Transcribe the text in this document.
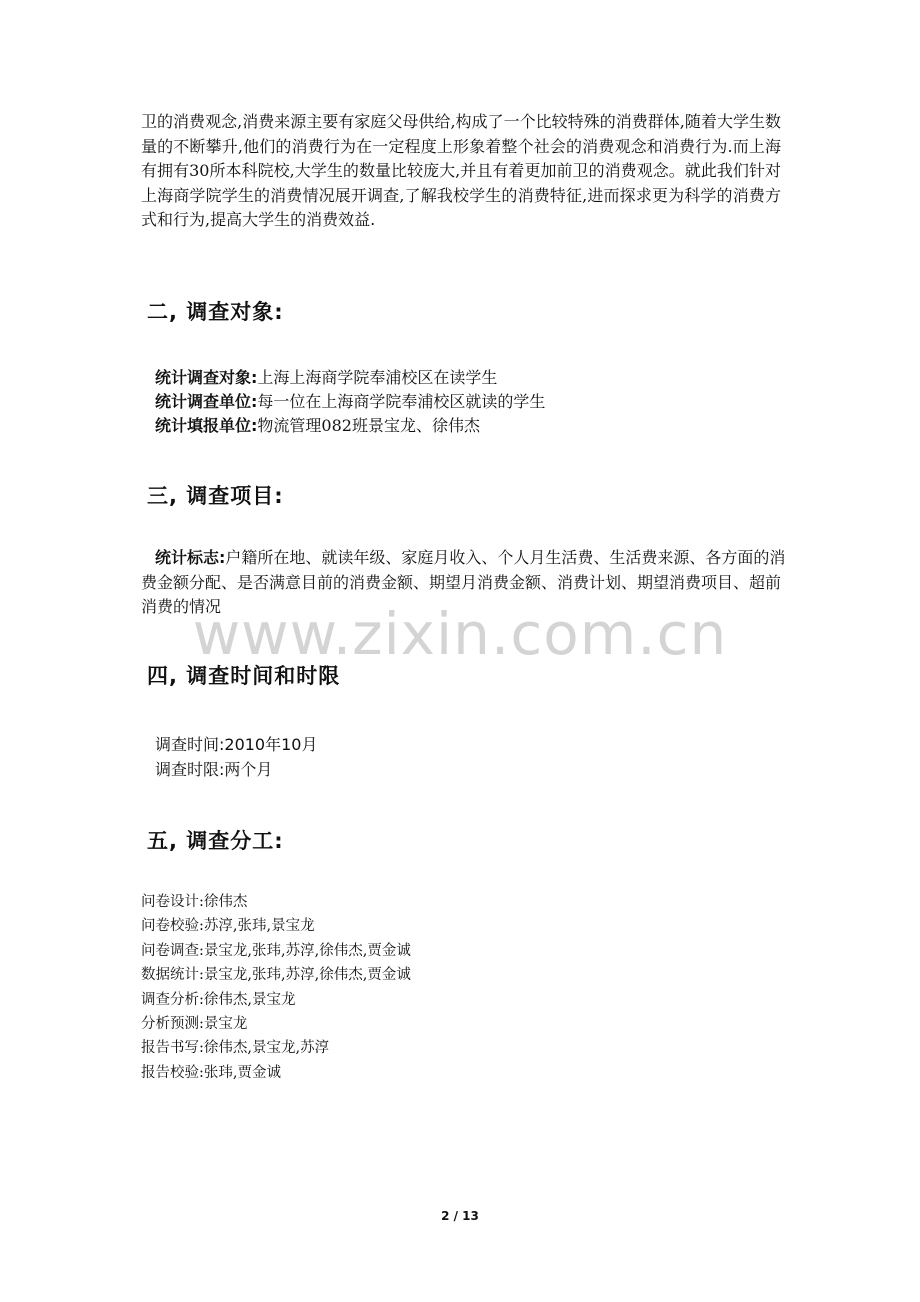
卫的消费观念,消费来源主要有家庭父母供给,构成了一个比较特殊的消费群体,随着大学生数量的不断攀升,他们的消费行为在一定程度上形象着整个社会的消费观念和消费行为.而上海有拥有30所本科院校,大学生的数量比较庞大,并且有着更加前卫的消费观念。就此我们针对上海商学院学生的消费情况展开调查,了解我校学生的消费特征,进而探求更为科学的消费方式和行为,提高大学生的消费效益.

二, 调查对象:

统计调查对象:上海上海商学院奉浦校区在读学生

统计调查单位:每一位在上海商学院奉浦校区就读的学生

统计填报单位:物流管理082班景宝龙、徐伟杰

三, 调查项目:

统计标志:户籍所在地、就读年级、家庭月收入、个人月生活费、生活费来源、各方面的消费金额分配、是否满意目前的消费金额、期望月消费金额、消费计划、期望消费项目、超前消费的情况

www.zixin.com.cn
四, 调查时间和时限

调查时间:2010年10月

调查时限:两个月

五, 调查分工:
问卷设计:徐伟杰
问卷校验:苏淳,张玮,景宝龙
问卷调查:景宝龙,张玮,苏淳,徐伟杰,贾金诚
数据统计:景宝龙,张玮,苏淳,徐伟杰,贾金诚
调查分析:徐伟杰,景宝龙
分析预测:景宝龙
报告书写:徐伟杰,景宝龙,苏淳
报告校验:张玮,贾金诚
2 / 13
